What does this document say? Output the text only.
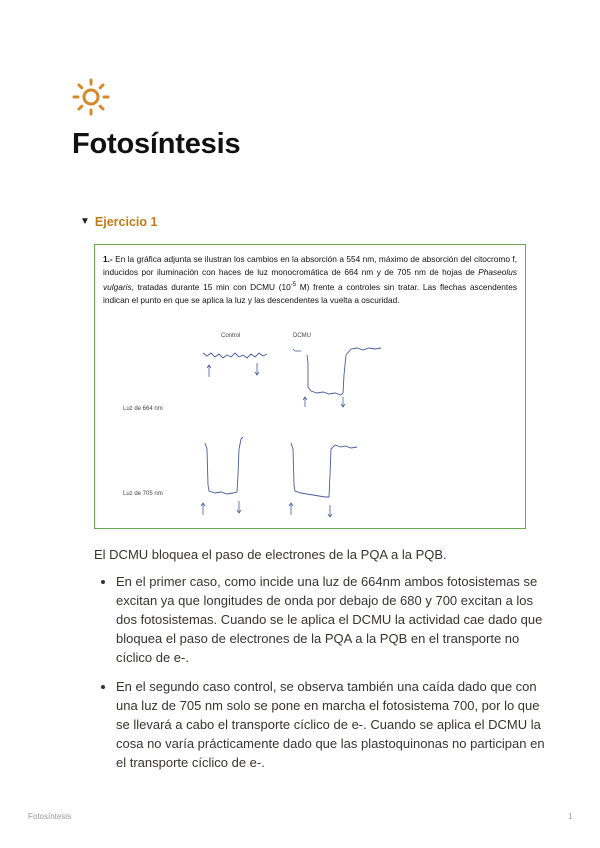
Fotosíntesis
▼ Ejercicio 1

1.- En la gráfica adjunta se ilustran los cambios en la absorción a 554 nm, máximo de absorción del citocromo f, inducidos por iluminación con haces de luz monocromática de 664 nm y de 705 nm de hojas de Phaseolus vulgaris, tratadas durante 15 min con DCMU ($10^{-5}$ M) frente a controles sin tratar. Las flechas ascendentes indican el punto en que se aplica la luz y las descendentes la vuelta a oscuridad.

Control	DCMU
Luz de 664 nm
Luz de 705 nm

El DCMU bloquea el paso de electrones de la PQA a la PQB.

• En el primer caso, como incide una luz de 664nm ambos fotosistemas se excitan ya que longitudes de onda por debajo de 680 y 700 excitan a los dos fotosistemas. Cuando se le aplica el DCMU la actividad cae dado que bloquea el paso de electrones de la PQA a la PQB en el transporte no cíclico de e-.
• En el segundo caso control, se observa también una caída dado que con una luz de 705 nm solo se pone en marcha el fotosistema 700, por lo que se llevará a cabo el transporte cíclico de e-. Cuando se aplica el DCMU la cosa no varía prácticamente dado que las plastoquinonas no participan en el transporte cíclico de e-.
Fotosíntesis	1
